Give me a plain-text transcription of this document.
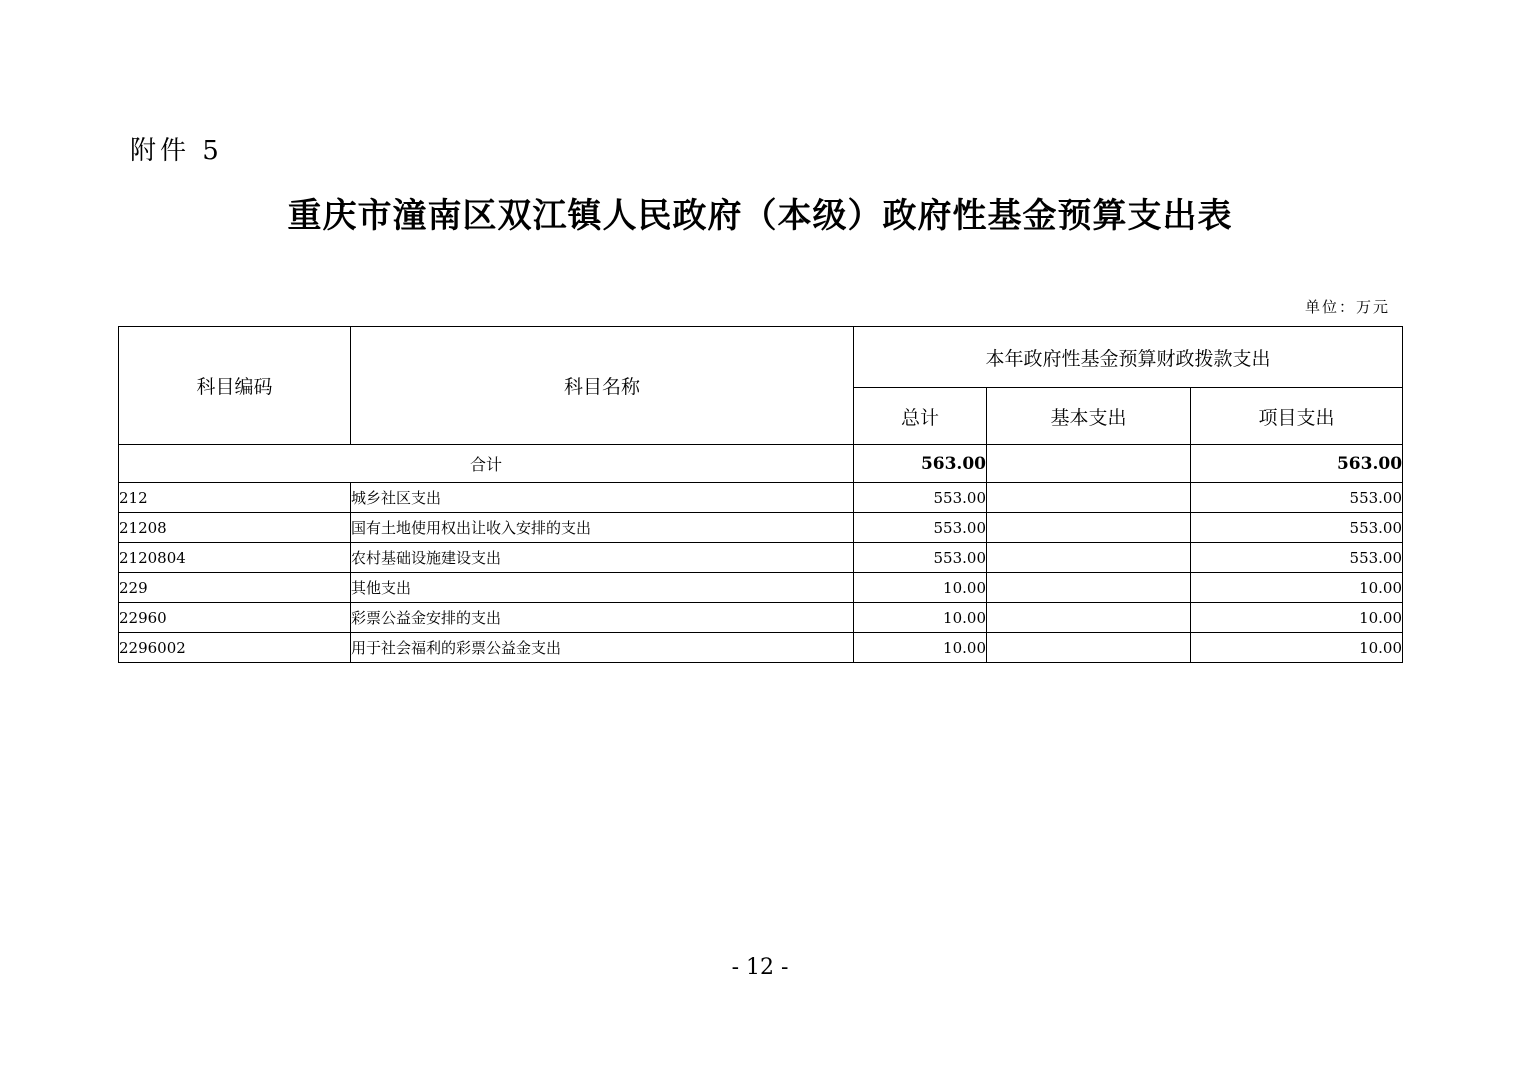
附件 5
重庆市潼南区双江镇人民政府（本级）政府性基金预算支出表
单位：万元
科目编码	科目名称	本年政府性基金预算财政拨款支出		
		总计	基本支出	项目支出
合计		563.00		563.00
212	城乡社区支出	553.00		553.00
21208	国有土地使用权出让收入安排的支出	553.00		553.00
2120804	农村基础设施建设支出	553.00		553.00
229	其他支出	10.00		10.00
22960	彩票公益金安排的支出	10.00		10.00
2296002	用于社会福利的彩票公益金支出	10.00		10.00
- 12 -
